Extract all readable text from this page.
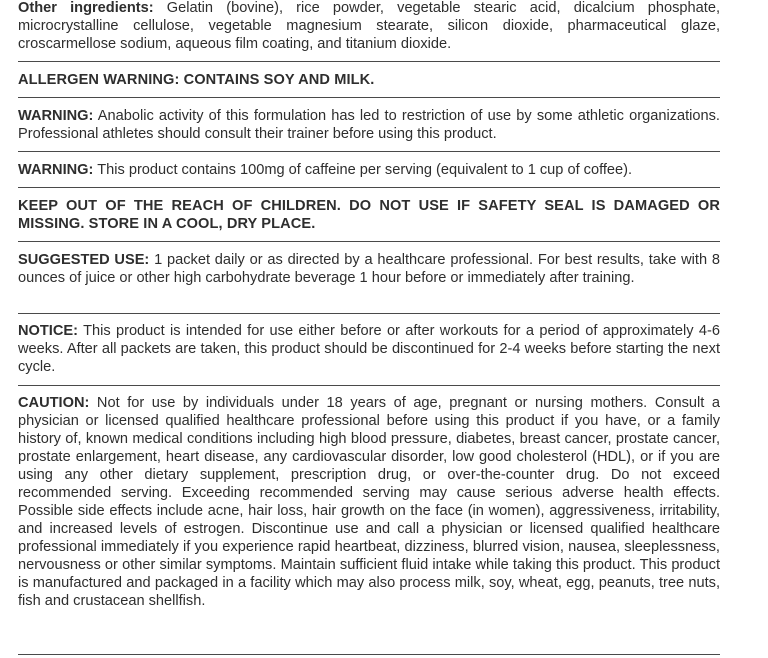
Other ingredients: Gelatin (bovine), rice powder, vegetable stearic acid, dicalcium phosphate, microcrystalline cellulose, vegetable magnesium stearate, silicon dioxide, pharmaceutical glaze, croscarmellose sodium, aqueous film coating, and titanium dioxide.
ALLERGEN WARNING: CONTAINS SOY AND MILK.
WARNING: Anabolic activity of this formulation has led to restriction of use by some athletic organizations. Professional athletes should consult their trainer before using this product.
WARNING: This product contains 100mg of caffeine per serving (equivalent to 1 cup of coffee).
KEEP OUT OF THE REACH OF CHILDREN. DO NOT USE IF SAFETY SEAL IS DAMAGED OR MISSING. STORE IN A COOL, DRY PLACE.
SUGGESTED USE: 1 packet daily or as directed by a healthcare professional. For best results, take with 8 ounces of juice or other high carbohydrate beverage 1 hour before or immediately after training.
NOTICE: This product is intended for use either before or after workouts for a period of approximately 4-6 weeks. After all packets are taken, this product should be discontinued for 2-4 weeks before starting the next cycle.
CAUTION: Not for use by individuals under 18 years of age, pregnant or nursing mothers. Consult a physician or licensed qualified healthcare professional before using this product if you have, or a family history of, known medical conditions including high blood pressure, diabetes, breast cancer, prostate cancer, prostate enlargement, heart disease, any cardiovascular disorder, low good cholesterol (HDL), or if you are using any other dietary supplement, prescription drug, or over-the-counter drug. Do not exceed recommended serving. Exceeding recommended serving may cause serious adverse health effects. Possible side effects include acne, hair loss, hair growth on the face (in women), aggressiveness, irritability, and increased levels of estrogen. Discontinue use and call a physician or licensed qualified healthcare professional immediately if you experience rapid heartbeat, dizziness, blurred vision, nausea, sleeplessness, nervousness or other similar symptoms. Maintain sufficient fluid intake while taking this product. This product is manufactured and packaged in a facility which may also process milk, soy, wheat, egg, peanuts, tree nuts, fish and crustacean shellfish.
